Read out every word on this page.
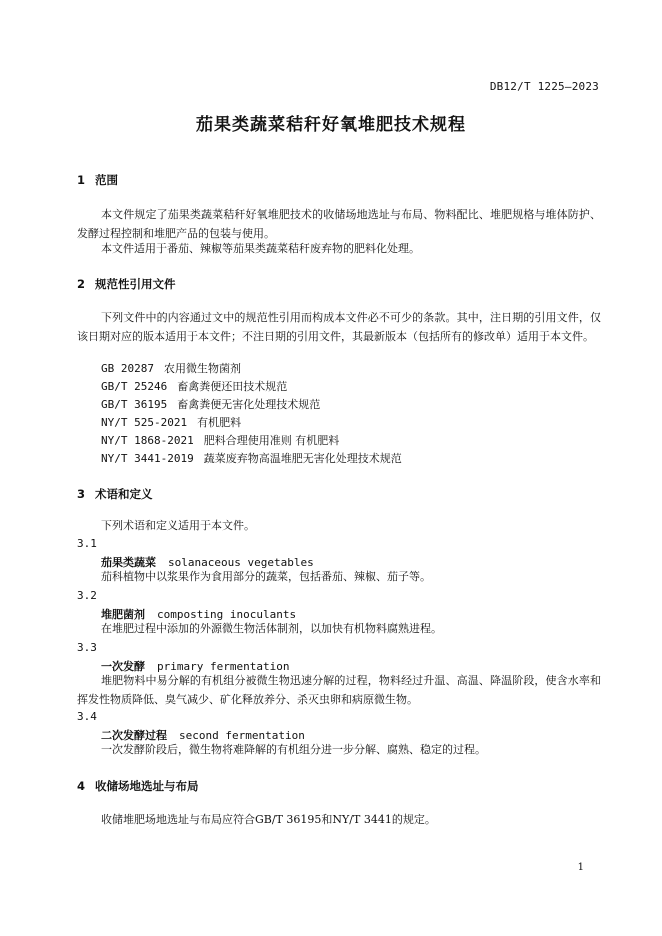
DB12/T 1225—2023
茄果类蔬菜秸秆好氧堆肥技术规程
1 范围
本文件规定了茄果类蔬菜秸秆好氧堆肥技术的收储场地选址与布局、物料配比、堆肥规格与堆体防护、发酵过程控制和堆肥产品的包装与使用。
本文件适用于番茄、辣椒等茄果类蔬菜秸秆废弃物的肥料化处理。
2 规范性引用文件
下列文件中的内容通过文中的规范性引用而构成本文件必不可少的条款。其中，注日期的引用文件，仅该日期对应的版本适用于本文件；不注日期的引用文件，其最新版本（包括所有的修改单）适用于本文件。
GB 20287 农用微生物菌剂
GB/T 25246 畜禽粪便还田技术规范
GB/T 36195 畜禽粪便无害化处理技术规范
NY/T 525-2021 有机肥料
NY/T 1868-2021 肥料合理使用准则 有机肥料
NY/T 3441-2019 蔬菜废弃物高温堆肥无害化处理技术规范
3 术语和定义
下列术语和定义适用于本文件。
3.1
茄果类蔬菜 solanaceous vegetables
茄科植物中以浆果作为食用部分的蔬菜，包括番茄、辣椒、茄子等。
3.2
堆肥菌剂 composting inoculants
在堆肥过程中添加的外源微生物活体制剂，以加快有机物料腐熟进程。
3.3
一次发酵 primary fermentation
堆肥物料中易分解的有机组分被微生物迅速分解的过程，物料经过升温、高温、降温阶段，使含水率和挥发性物质降低、臭气减少、矿化释放养分、杀灭虫卵和病原微生物。
3.4
二次发酵过程 second fermentation
一次发酵阶段后，微生物将难降解的有机组分进一步分解、腐熟、稳定的过程。
4 收储场地选址与布局
收储堆肥场地选址与布局应符合GB/T 36195和NY/T 3441的规定。
1
